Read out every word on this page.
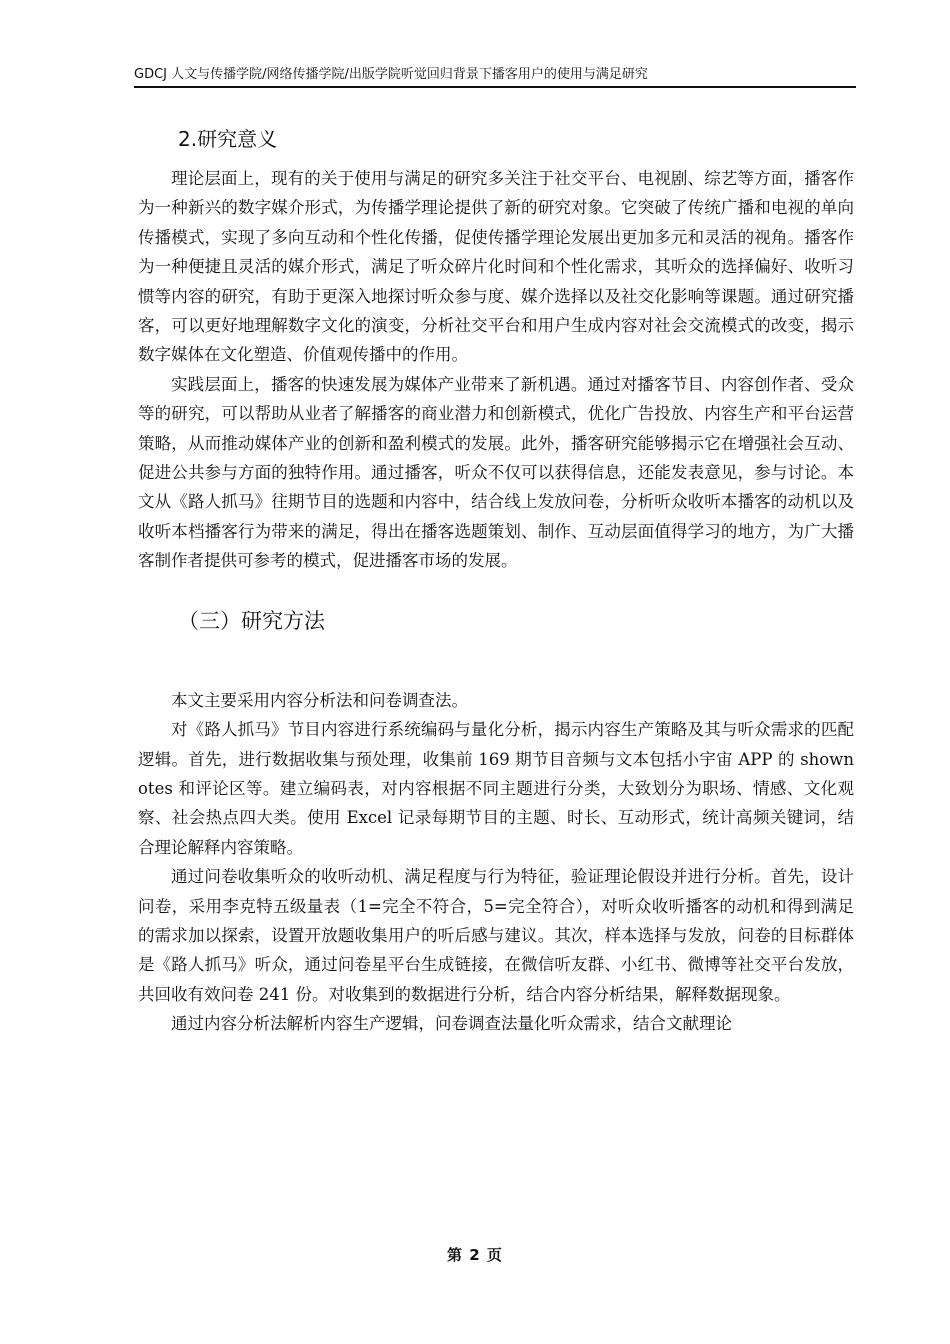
GDCJ 人文与传播学院/网络传播学院/出版学院听觉回归背景下播客用户的使用与满足研究
2.研究意义

理论层面上，现有的关于使用与满足的研究多关注于社交平台、电视剧、综艺等方面，播客作为一种新兴的数字媒介形式，为传播学理论提供了新的研究对象。它突破了传统广播和电视的单向传播模式，实现了多向互动和个性化传播，促使传播学理论发展出更加多元和灵活的视角。播客作为一种便捷且灵活的媒介形式，满足了听众碎片化时间和个性化需求，其听众的选择偏好、收听习惯等内容的研究，有助于更深入地探讨听众参与度、媒介选择以及社交化影响等课题。通过研究播客，可以更好地理解数字文化的演变，分析社交平台和用户生成内容对社会交流模式的改变，揭示数字媒体在文化塑造、价值观传播中的作用。

实践层面上，播客的快速发展为媒体产业带来了新机遇。通过对播客节目、内容创作者、受众等的研究，可以帮助从业者了解播客的商业潜力和创新模式，优化广告投放、内容生产和平台运营策略，从而推动媒体产业的创新和盈利模式的发展。此外，播客研究能够揭示它在增强社会互动、促进公共参与方面的独特作用。通过播客，听众不仅可以获得信息，还能发表意见，参与讨论。本文从《路人抓马》往期节目的选题和内容中，结合线上发放问卷，分析听众收听本播客的动机以及收听本档播客行为带来的满足，得出在播客选题策划、制作、互动层面值得学习的地方，为广大播客制作者提供可参考的模式，促进播客市场的发展。

（三）研究方法

本文主要采用内容分析法和问卷调查法。

对《路人抓马》节目内容进行系统编码与量化分析，揭示内容生产策略及其与听众需求的匹配逻辑。首先，进行数据收集与预处理，收集前 169 期节目音频与文本包括小宇宙 APP 的 shownotes 和评论区等。建立编码表，对内容根据不同主题进行分类，大致划分为职场、情感、文化观察、社会热点四大类。使用 Excel 记录每期节目的主题、时长、互动形式，统计高频关键词，结合理论解释内容策略。

通过问卷收集听众的收听动机、满足程度与行为特征，验证理论假设并进行分析。首先，设计问卷，采用李克特五级量表（1=完全不符合，5=完全符合），对听众收听播客的动机和得到满足的需求加以探索，设置开放题收集用户的听后感与建议。其次，样本选择与发放，问卷的目标群体是《路人抓马》听众，通过问卷星平台生成链接，在微信听友群、小红书、微博等社交平台发放，共回收有效问卷 241 份。对收集到的数据进行分析，结合内容分析结果，解释数据现象。

通过内容分析法解析内容生产逻辑，问卷调查法量化听众需求，结合文献理论

第 2 页
